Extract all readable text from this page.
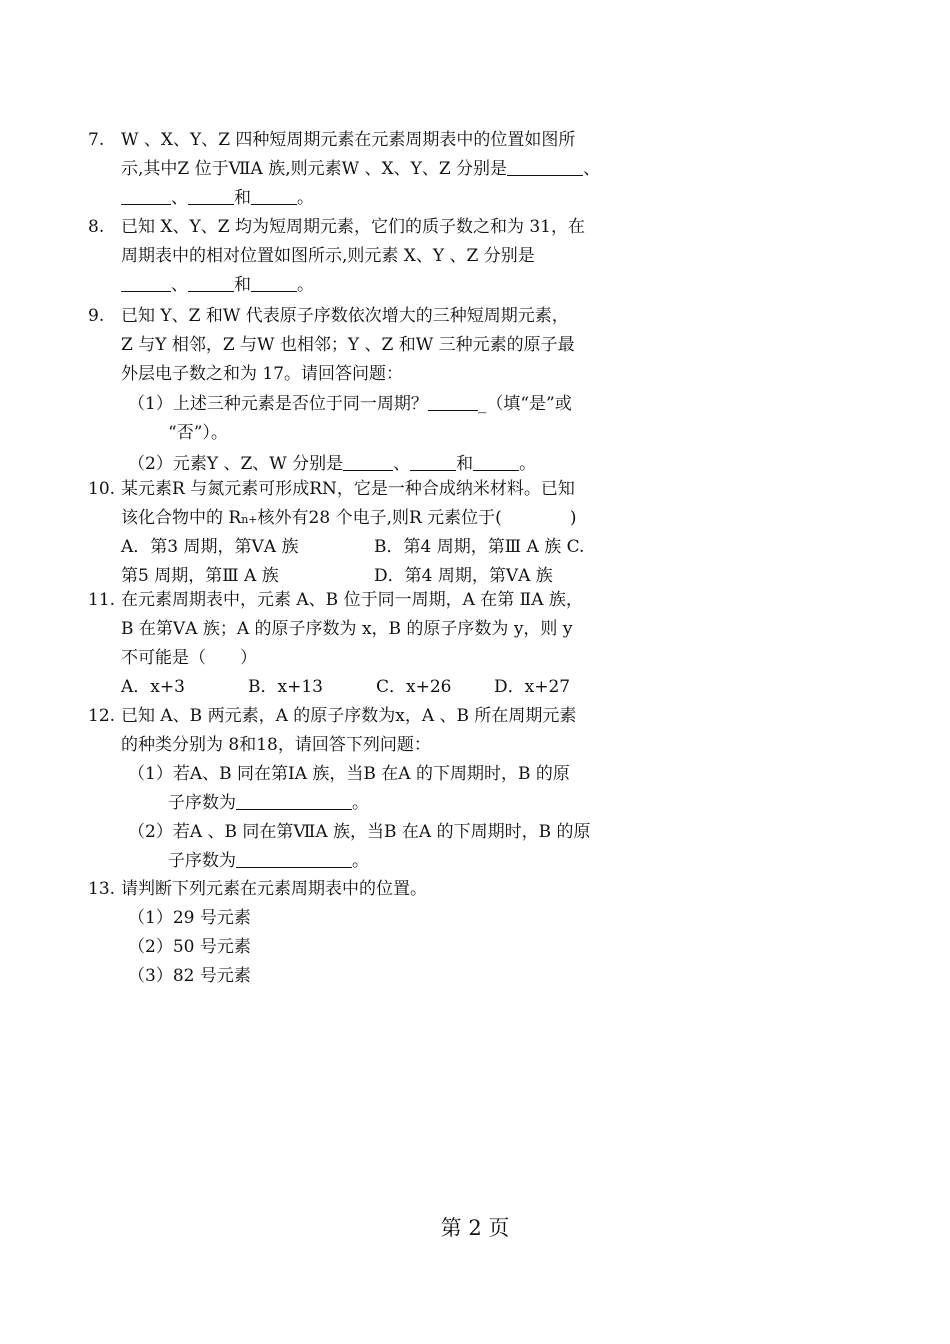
7. W 、X、Y、Z 四种短周期元素在元素周期表中的位置如图所
示,其中Z 位于ⅦA 族,则元素W 、X、Y、Z 分别是	、
、	和	。
8. 已知 X、Y、Z 均为短周期元素，它们的质子数之和为 31，在
周期表中的相对位置如图所示,则元素 X、Y 、Z 分别是
、	和	。
9. 已知 Y、Z 和W 代表原子序数依次增大的三种短周期元素，
Z 与Y 相邻，Z 与W 也相邻；Y 、Z 和W 三种元素的原子最
外层电子数之和为 17。请回答问题：
（1）上述三种元素是否位于同一周期？	_（填“是”或
“否”）。
（2）元素Y 、Z、W 分别是	、	和	。
10. 某元素R 与氮元素可形成RN，它是一种合成纳米材料。已知
该化合物中的 Rn+核外有28 个电子,则R 元素位于(	)
A．第3 周期，第ⅤA 族	B．第4 周期，第Ⅲ A 族 C.
第5 周期，第Ⅲ A 族	D．第4 周期，第ⅤA 族
11. 在元素周期表中，元素 A、B 位于同一周期，A 在第 ⅡA 族，
B 在第ⅤA 族；A 的原子序数为 x，B 的原子序数为 y，则 y
不可能是（　　）
A．x+3	B．x+13	C．x+26	D．x+27
12. 已知 A、B 两元素，A 的原子序数为x，A 、B 所在周期元素
的种类分别为 8和18，请回答下列问题：
（1）若A、B 同在第ⅠA 族，当B 在A 的下周期时，B 的原
子序数为	。
（2）若A 、B 同在第ⅦA 族，当B 在A 的下周期时，B 的原
子序数为	。
13. 请判断下列元素在元素周期表中的位置。
（1）29 号元素
（2）50 号元素
（3）82 号元素
第 2 页
